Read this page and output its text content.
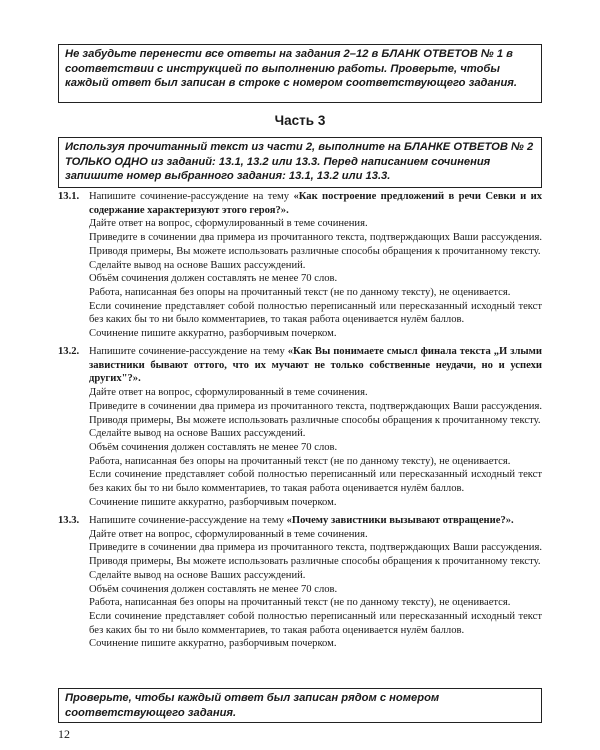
Не забудьте перенести все ответы на задания 2–12 в БЛАНК ОТВЕТОВ № 1 в соответствии с инструкцией по выполнению работы. Проверьте, чтобы каждый ответ был записан в строке с номером соответствующего задания.
Часть 3
Используя прочитанный текст из части 2, выполните на БЛАНКЕ ОТВЕТОВ № 2 ТОЛЬКО ОДНО из заданий: 13.1, 13.2 или 13.3. Перед написанием сочинения запишите номер выбранного задания: 13.1, 13.2 или 13.3.
13.1. Напишите сочинение-рассуждение на тему «Как построение предложений в речи Севки и их содержание характеризуют этого героя?».
Дайте ответ на вопрос, сформулированный в теме сочинения.
Приведите в сочинении два примера из прочитанного текста, подтверждающих Ваши рассуждения. Приводя примеры, Вы можете использовать различные способы обращения к прочитанному тексту.
Сделайте вывод на основе Ваших рассуждений.
Объём сочинения должен составлять не менее 70 слов.
Работа, написанная без опоры на прочитанный текст (не по данному тексту), не оценивается.
Если сочинение представляет собой полностью переписанный или пересказанный исходный текст без каких бы то ни было комментариев, то такая работа оценивается нулём баллов.
Сочинение пишите аккуратно, разборчивым почерком.
13.2. Напишите сочинение-рассуждение на тему «Как Вы понимаете смысл финала текста „И злыми завистники бывают оттого, что их мучают не только собственные неудачи, но и успехи других"?».
Дайте ответ на вопрос, сформулированный в теме сочинения.
Приведите в сочинении два примера из прочитанного текста, подтверждающих Ваши рассуждения. Приводя примеры, Вы можете использовать различные способы обращения к прочитанному тексту.
Сделайте вывод на основе Ваших рассуждений.
Объём сочинения должен составлять не менее 70 слов.
Работа, написанная без опоры на прочитанный текст (не по данному тексту), не оценивается.
Если сочинение представляет собой полностью переписанный или пересказанный исходный текст без каких бы то ни было комментариев, то такая работа оценивается нулём баллов.
Сочинение пишите аккуратно, разборчивым почерком.
13.3. Напишите сочинение-рассуждение на тему «Почему завистники вызывают отвращение?».
Дайте ответ на вопрос, сформулированный в теме сочинения.
Приведите в сочинении два примера из прочитанного текста, подтверждающих Ваши рассуждения. Приводя примеры, Вы можете использовать различные способы обращения к прочитанному тексту.
Сделайте вывод на основе Ваших рассуждений.
Объём сочинения должен составлять не менее 70 слов.
Работа, написанная без опоры на прочитанный текст (не по данному тексту), не оценивается.
Если сочинение представляет собой полностью переписанный или пересказанный исходный текст без каких бы то ни было комментариев, то такая работа оценивается нулём баллов.
Сочинение пишите аккуратно, разборчивым почерком.
Проверьте, чтобы каждый ответ был записан рядом с номером соответствующего задания.
12
